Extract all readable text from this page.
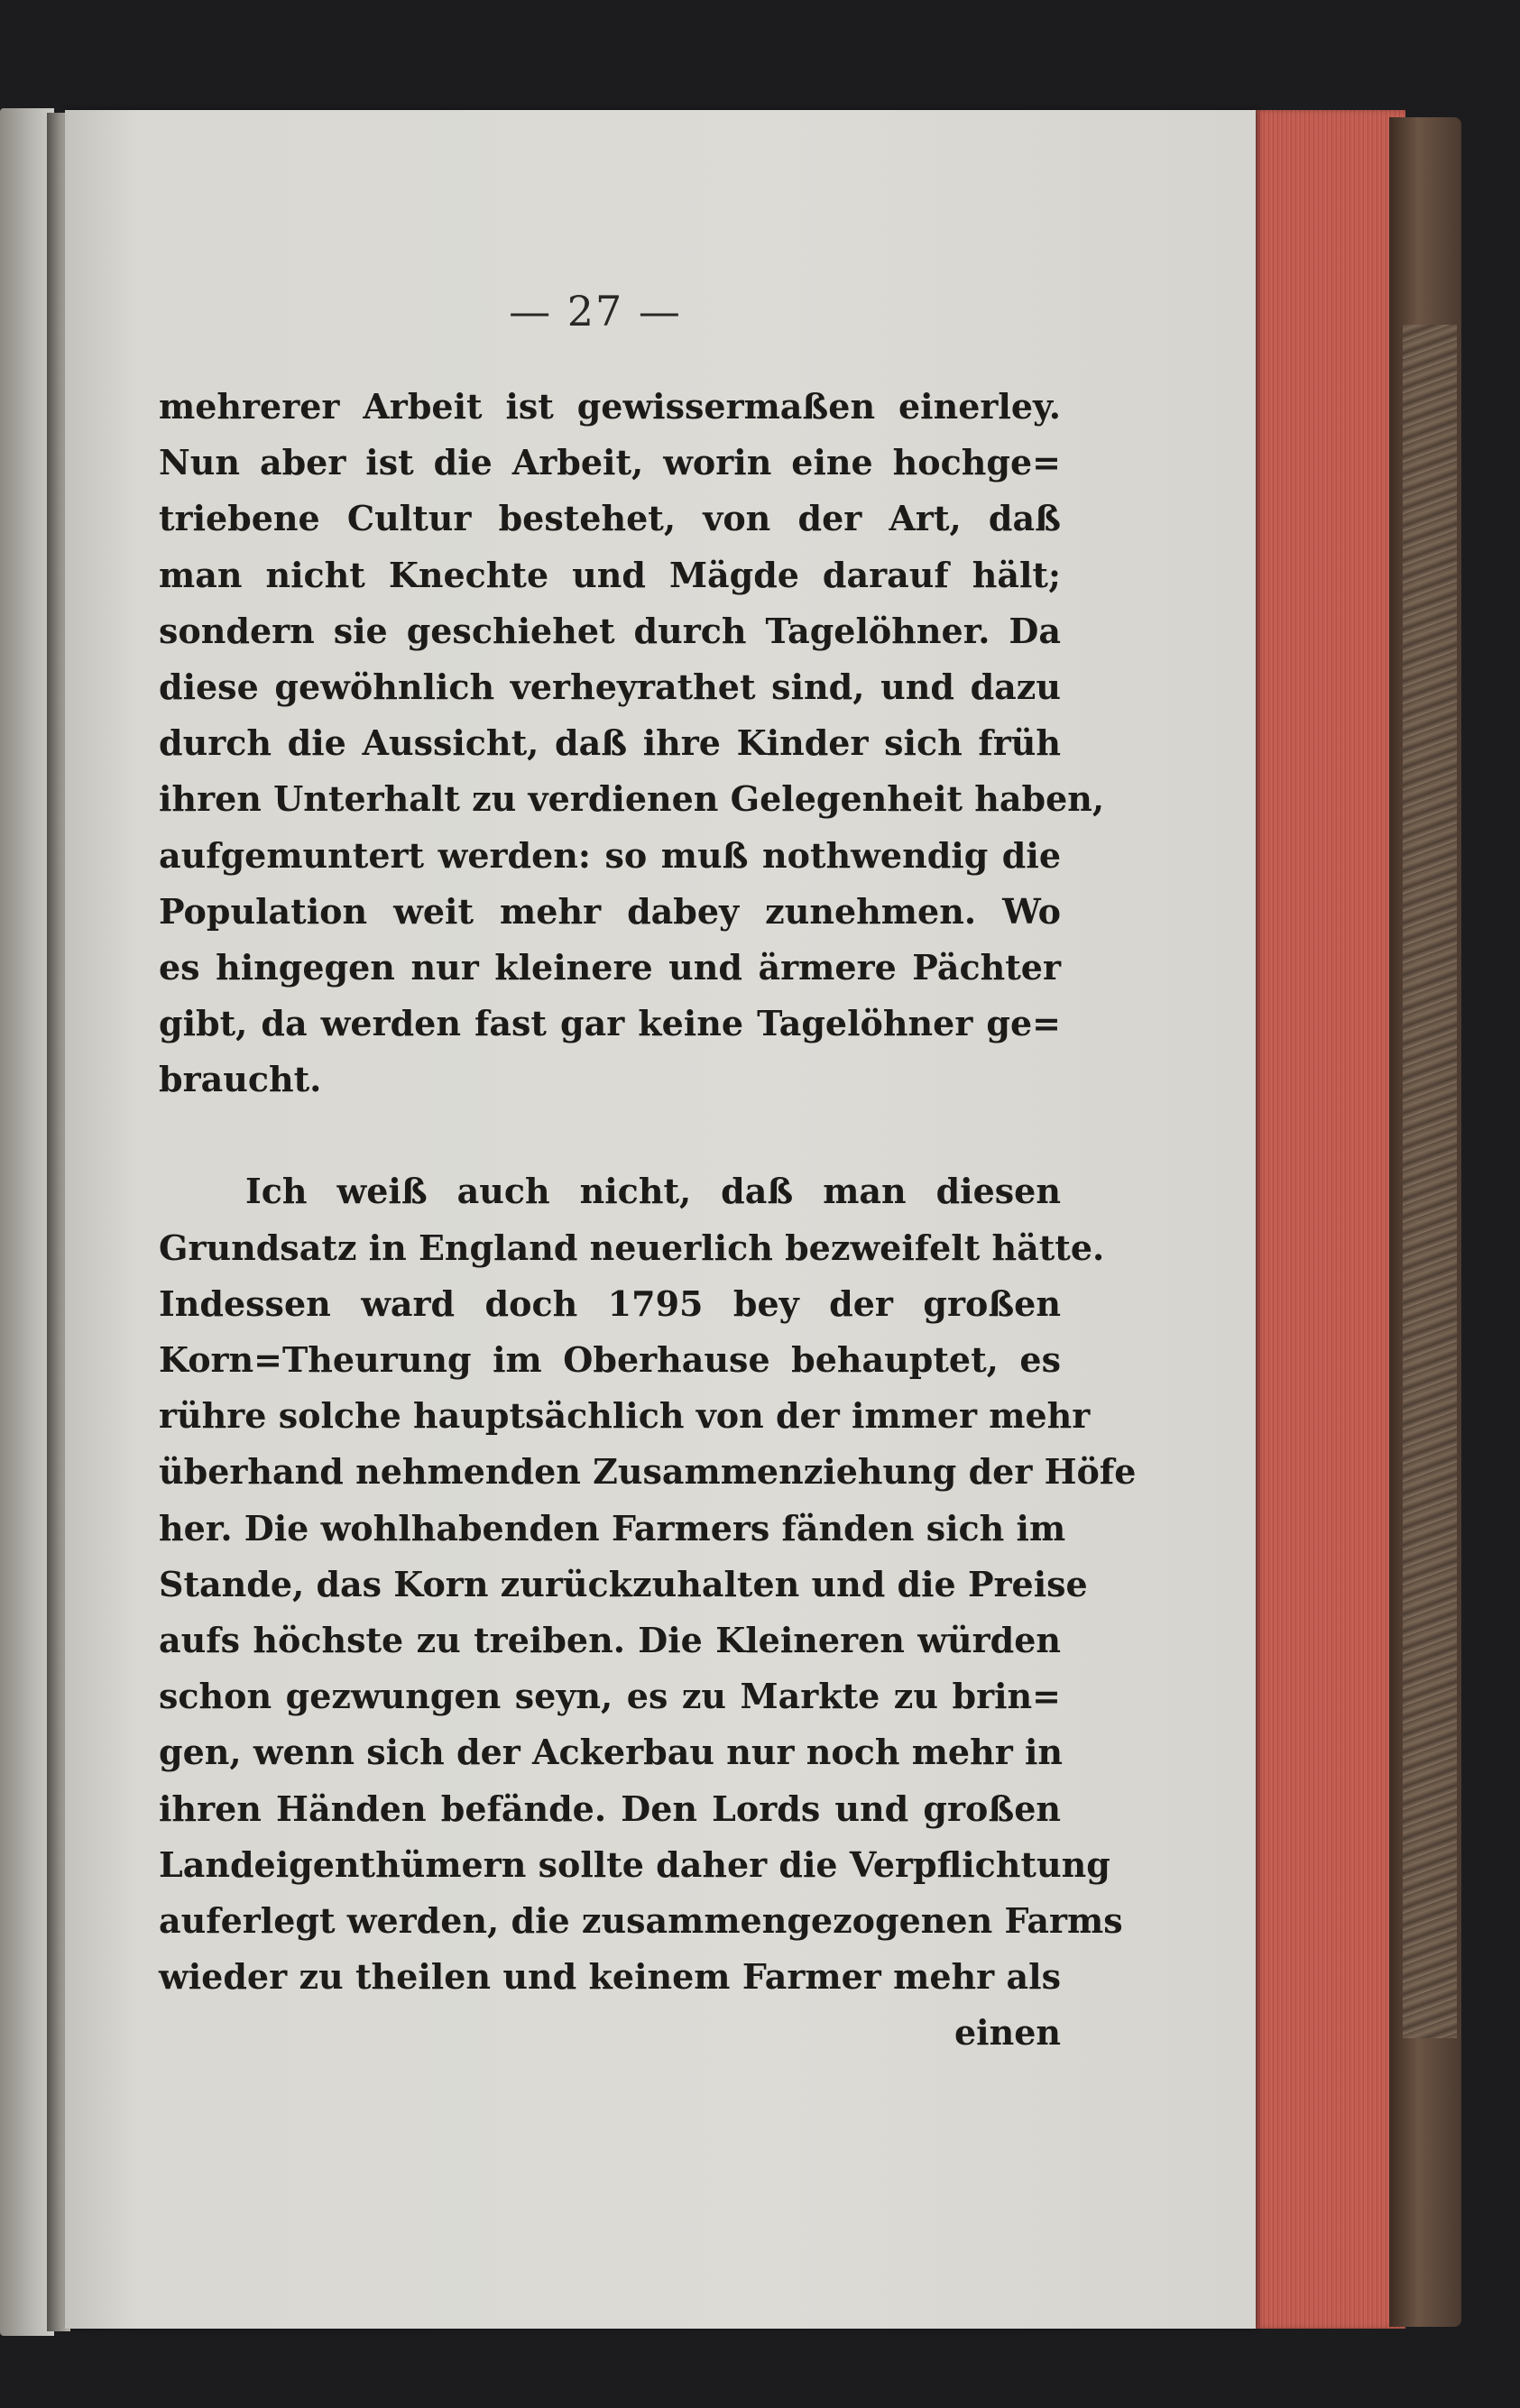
— 27 —
mehrerer Arbeit ist gewissermaßen einerley.
Nun aber ist die Arbeit, worin eine hochge=
triebene Cultur bestehet, von der Art, daß
man nicht Knechte und Mägde darauf hält;
sondern sie geschiehet durch Tagelöhner. Da
diese gewöhnlich verheyrathet sind, und dazu
durch die Aussicht, daß ihre Kinder sich früh
ihren Unterhalt zu verdienen Gelegenheit haben,
aufgemuntert werden: so muß nothwendig die
Population weit mehr dabey zunehmen. Wo
es hingegen nur kleinere und ärmere Pächter
gibt, da werden fast gar keine Tagelöhner ge=
braucht.
Ich weiß auch nicht, daß man diesen
Grundsatz in England neuerlich bezweifelt hätte.
Indessen ward doch 1795 bey der großen
Korn=Theurung im Oberhause behauptet, es
rühre solche hauptsächlich von der immer mehr
überhand nehmenden Zusammenziehung der Höfe
her. Die wohlhabenden Farmers fänden sich im
Stande, das Korn zurückzuhalten und die Preise
aufs höchste zu treiben. Die Kleineren würden
schon gezwungen seyn, es zu Markte zu brin=
gen, wenn sich der Ackerbau nur noch mehr in
ihren Händen befände. Den Lords und großen
Landeigenthümern sollte daher die Verpflichtung
auferlegt werden, die zusammengezogenen Farms
wieder zu theilen und keinem Farmer mehr als
einen
